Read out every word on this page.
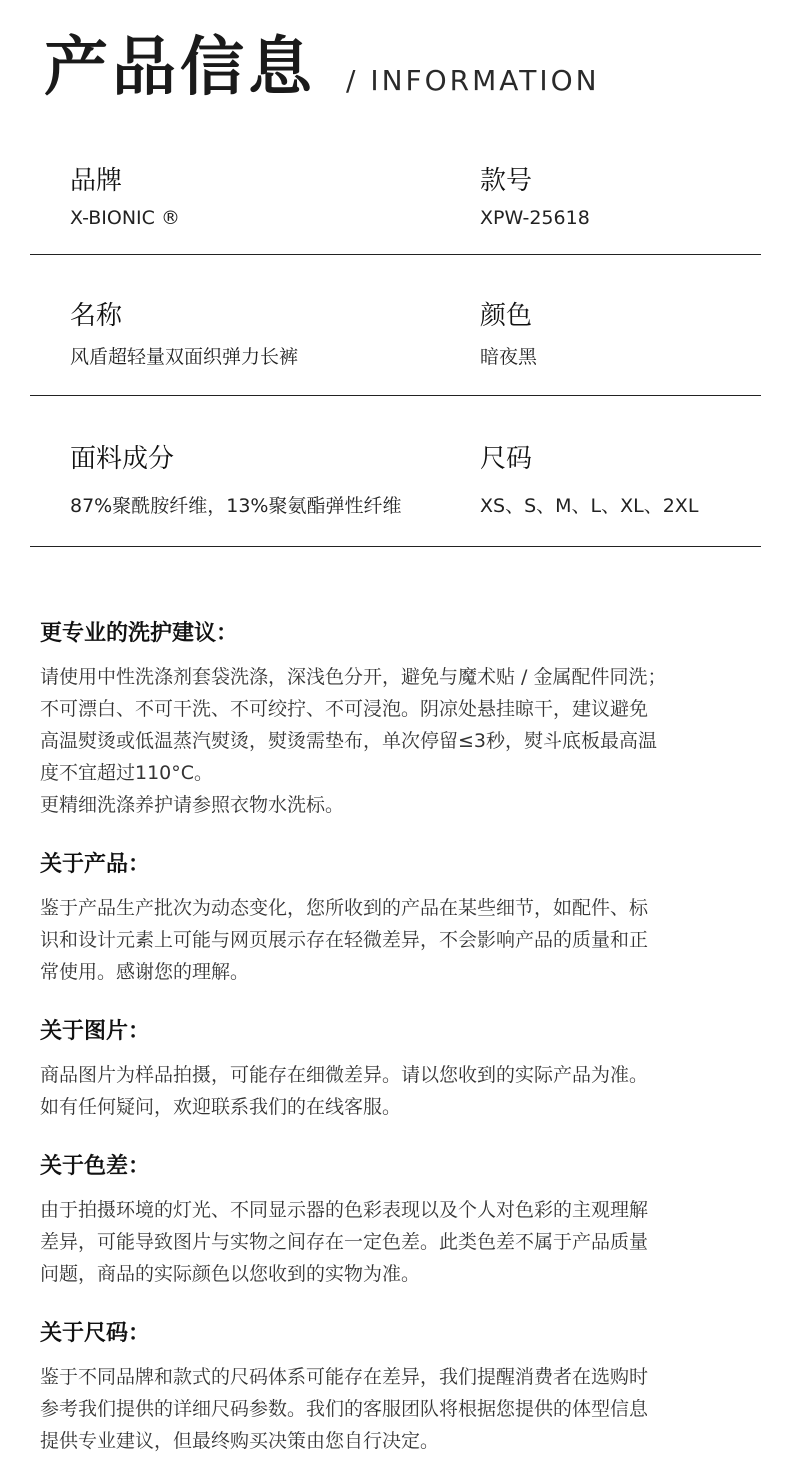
产品信息 / INFORMATION
品牌
X-BIONIC ®
款号
XPW-25618
名称
风盾超轻量双面织弹力长裤
颜色
暗夜黑
面料成分
87%聚酰胺纤维，13%聚氨酯弹性纤维
尺码
XS、S、M、L、XL、2XL
更专业的洗护建议：

请使用中性洗涤剂套袋洗涤，深浅色分开，避免与魔术贴 / 金属配件同洗；

不可漂白、不可干洗、不可绞拧、不可浸泡。阴凉处悬挂晾干，建议避免

高温熨烫或低温蒸汽熨烫，熨烫需垫布，单次停留≤3秒，熨斗底板最高温

度不宜超过110°C。

更精细洗涤养护请参照衣物水洗标。

关于产品：

鉴于产品生产批次为动态变化，您所收到的产品在某些细节，如配件、标

识和设计元素上可能与网页展示存在轻微差异，不会影响产品的质量和正

常使用。感谢您的理解。

关于图片：

商品图片为样品拍摄，可能存在细微差异。请以您收到的实际产品为准。

如有任何疑问，欢迎联系我们的在线客服。

关于色差：

由于拍摄环境的灯光、不同显示器的色彩表现以及个人对色彩的主观理解

差异，可能导致图片与实物之间存在一定色差。此类色差不属于产品质量

问题，商品的实际颜色以您收到的实物为准。

关于尺码：

鉴于不同品牌和款式的尺码体系可能存在差异，我们提醒消费者在选购时

参考我们提供的详细尺码参数。我们的客服团队将根据您提供的体型信息

提供专业建议，但最终购买决策由您自行决定。
